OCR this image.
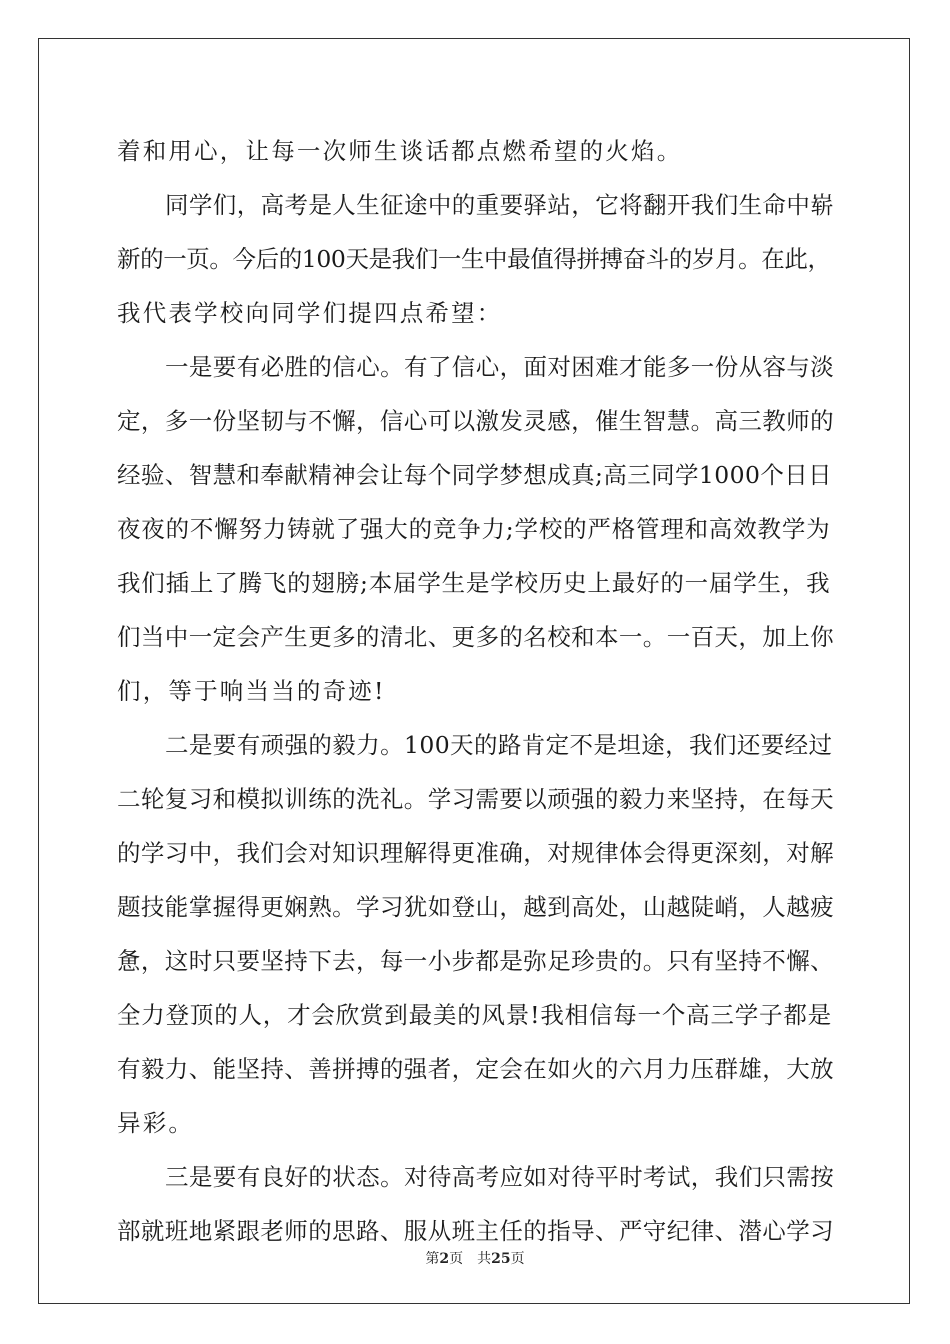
着和用心，让每一次师生谈话都点燃希望的火焰。
同学们，高考是人生征途中的重要驿站，它将翻开我们生命中崭
新的一页。今后的100天是我们一生中最值得拼搏奋斗的岁月。在此，
我代表学校向同学们提四点希望：
一是要有必胜的信心。有了信心，面对困难才能多一份从容与淡
定，多一份坚韧与不懈，信心可以激发灵感，催生智慧。高三教师的
经验、智慧和奉献精神会让每个同学梦想成真;高三同学1000个日日
夜夜的不懈努力铸就了强大的竞争力;学校的严格管理和高效教学为
我们插上了腾飞的翅膀;本届学生是学校历史上最好的一届学生，我
们当中一定会产生更多的清北、更多的名校和本一。一百天，加上你
们，等于响当当的奇迹!
二是要有顽强的毅力。100天的路肯定不是坦途，我们还要经过
二轮复习和模拟训练的洗礼。学习需要以顽强的毅力来坚持，在每天
的学习中，我们会对知识理解得更准确，对规律体会得更深刻，对解
题技能掌握得更娴熟。学习犹如登山，越到高处，山越陡峭，人越疲
惫，这时只要坚持下去，每一小步都是弥足珍贵的。只有坚持不懈、
全力登顶的人，才会欣赏到最美的风景!我相信每一个高三学子都是
有毅力、能坚持、善拼搏的强者，定会在如火的六月力压群雄，大放
异彩。
三是要有良好的状态。对待高考应如对待平时考试，我们只需按
部就班地紧跟老师的思路、服从班主任的指导、严守纪律、潜心学习
第2页 共25页
